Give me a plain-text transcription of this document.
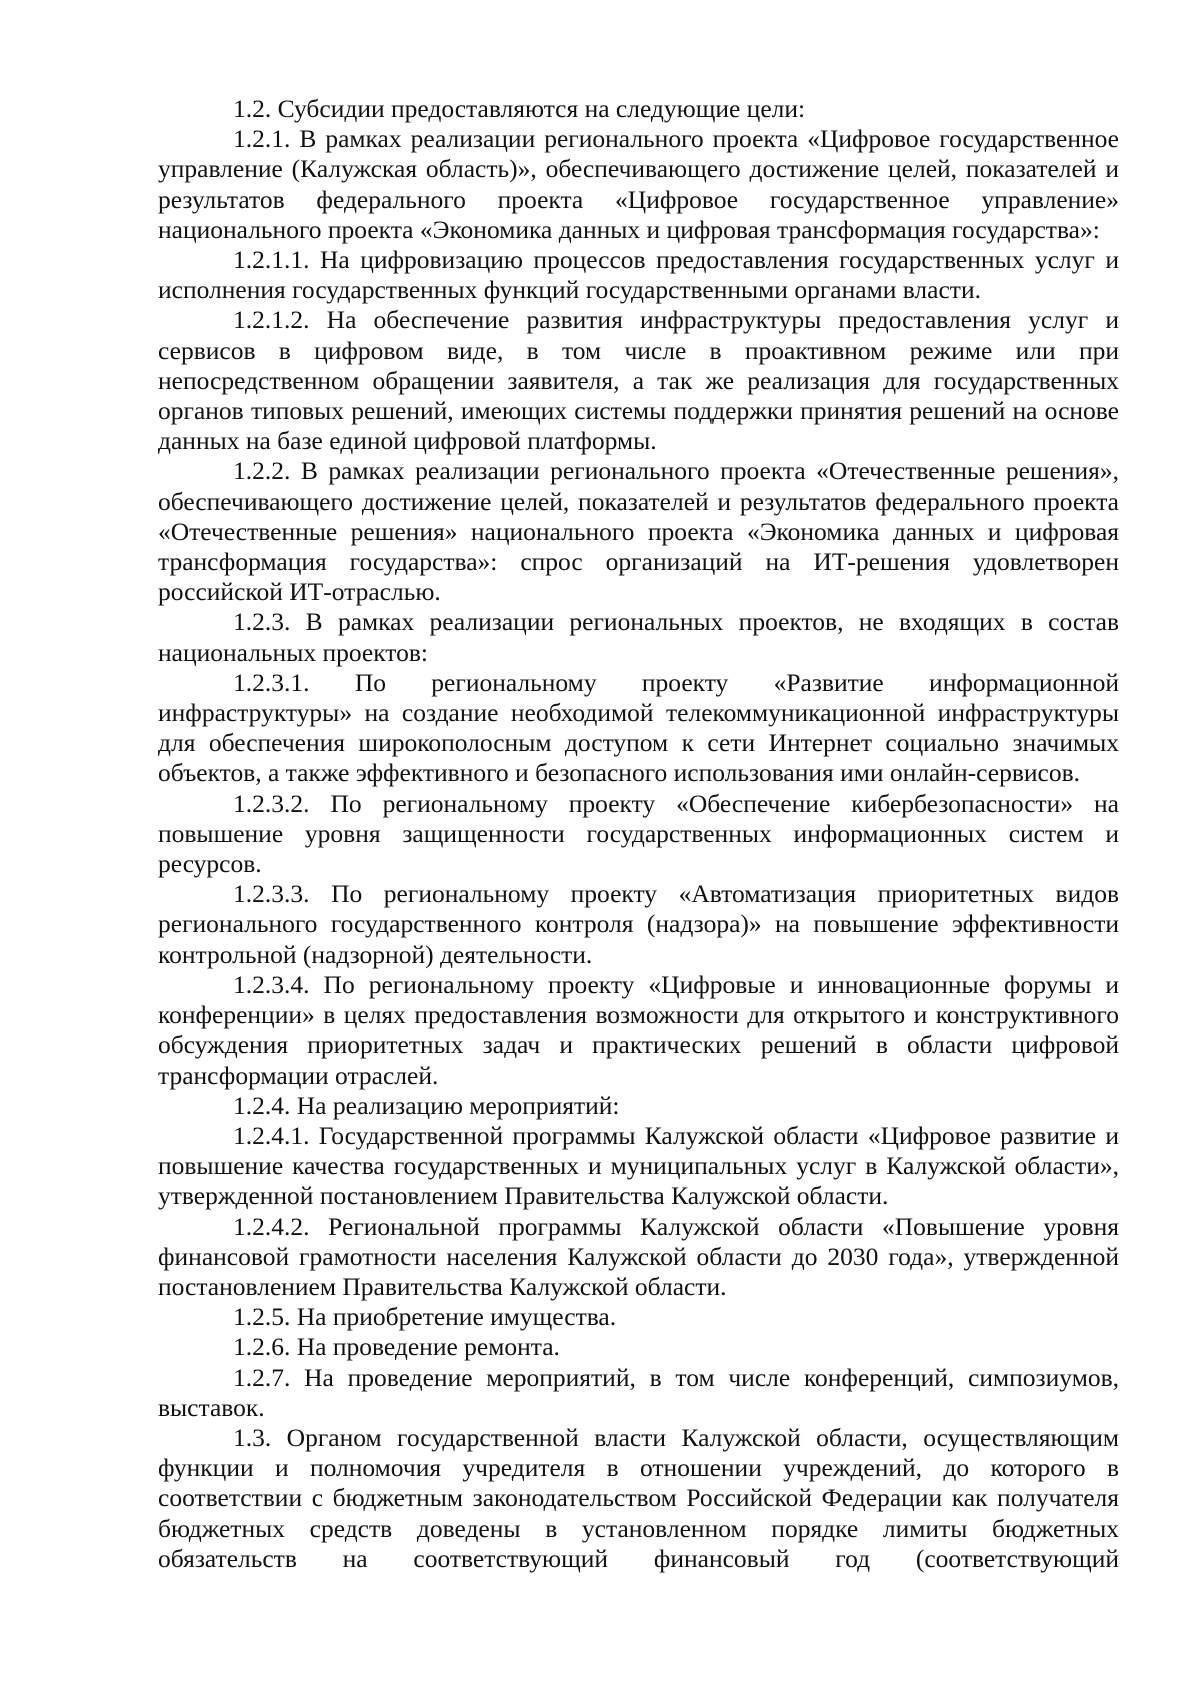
1.2. Субсидии предоставляются на следующие цели:

1.2.1. В рамках реализации регионального проекта «Цифровое государственное управление (Калужская область)», обеспечивающего достижение целей, показателей и результатов федерального проекта «Цифровое государственное управление» национального проекта «Экономика данных и цифровая трансформация государства»:

1.2.1.1. На цифровизацию процессов предоставления государственных услуг и исполнения государственных функций государственными органами власти.

1.2.1.2. На обеспечение развития инфраструктуры предоставления услуг и сервисов в цифровом виде, в том числе в проактивном режиме или при непосредственном обращении заявителя, а так же реализация для государственных органов типовых решений, имеющих системы поддержки принятия решений на основе данных на базе единой цифровой платформы.

1.2.2. В рамках реализации регионального проекта «Отечественные решения», обеспечивающего достижение целей, показателей и результатов федерального проекта «Отечественные решения» национального проекта «Экономика данных и цифровая трансформация государства»: спрос организаций на ИТ-решения удовлетворен российской ИТ-отраслью.

1.2.3. В рамках реализации региональных проектов, не входящих в состав национальных проектов:

1.2.3.1. По региональному проекту «Развитие информационной инфраструктуры» на создание необходимой телекоммуникационной инфраструктуры для обеспечения широкополосным доступом к сети Интернет социально значимых объектов, а также эффективного и безопасного использования ими онлайн-сервисов.

1.2.3.2. По региональному проекту «Обеспечение кибербезопасности» на повышение уровня защищенности государственных информационных систем и ресурсов.

1.2.3.3. По региональному проекту «Автоматизация приоритетных видов регионального государственного контроля (надзора)» на повышение эффективности контрольной (надзорной) деятельности.

1.2.3.4. По региональному проекту «Цифровые и инновационные форумы и конференции» в целях предоставления возможности для открытого и конструктивного обсуждения приоритетных задач и практических решений в области цифровой трансформации отраслей.

1.2.4. На реализацию мероприятий:

1.2.4.1. Государственной программы Калужской области «Цифровое развитие и повышение качества государственных и муниципальных услуг в Калужской области», утвержденной постановлением Правительства Калужской области.

1.2.4.2. Региональной программы Калужской области «Повышение уровня финансовой грамотности населения Калужской области до 2030 года», утвержденной постановлением Правительства Калужской области.

1.2.5. На приобретение имущества.

1.2.6. На проведение ремонта.

1.2.7. На проведение мероприятий, в том числе конференций, симпозиумов, выставок.

1.3. Органом государственной власти Калужской области, осуществляющим функции и полномочия учредителя в отношении учреждений, до которого в соответствии с бюджетным законодательством Российской Федерации как получателя бюджетных средств доведены в установленном порядке лимиты бюджетных обязательств на соответствующий финансовый год (соответствующий
